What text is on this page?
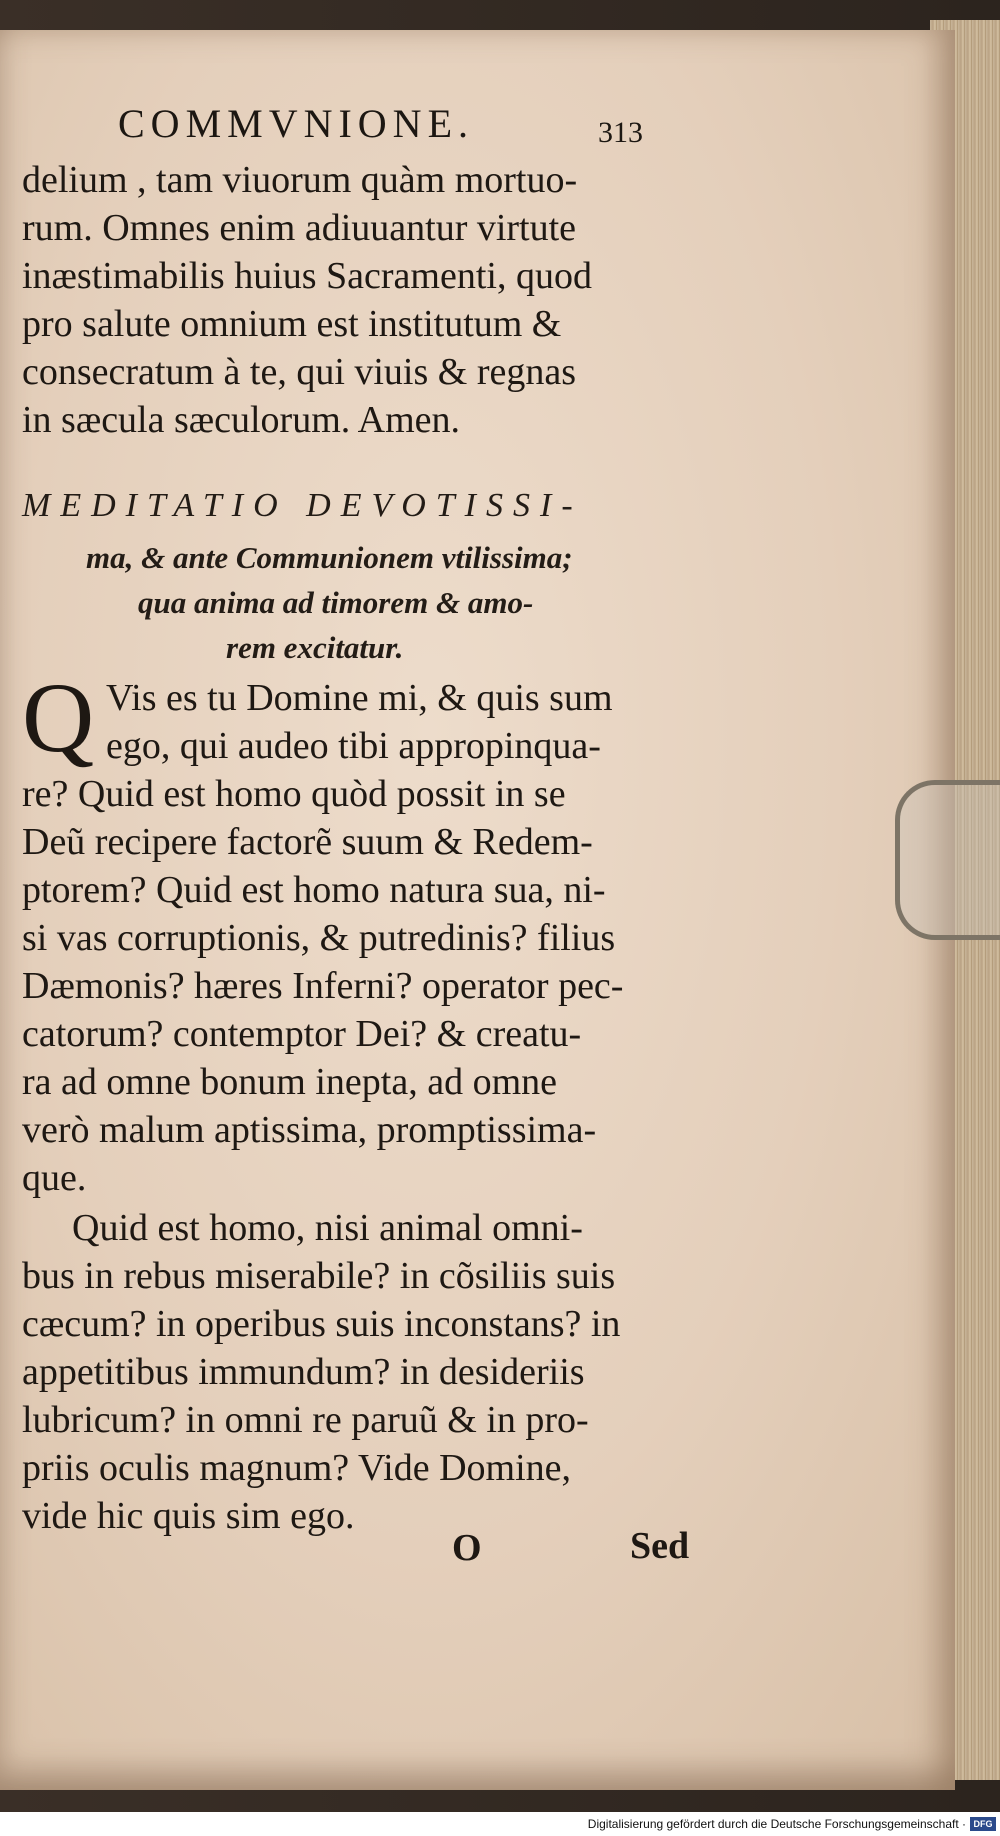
COMMVNIONE.	313
delium , tam viuorum quàm mortuo-
rum. Omnes enim adiuuantur virtute
inæstimabilis huius Sacramenti, quod
pro salute omnium est institutum &
consecratum à te, qui viuis & regnas
in sæcula sæculorum. Amen.
MEDITATIO DEVOTISSI-
ma, & ante Communionem vtilissima;
qua anima ad timorem & amo-
rem excitatur.
Q Vis es tu Domine mi, & quis sum
ego, qui audeo tibi appropinqua-
re? Quid est homo quòd possit in se
Deũ recipere factorẽ suum & Redem-
ptorem? Quid est homo natura sua, ni-
si vas corruptionis, & putredinis? filius
Dæmonis? hæres Inferni? operator pec-
catorum? contemptor Dei? & creatu-
ra ad omne bonum inepta, ad omne
verò malum aptissima, promptissima-
que.
Quid est homo, nisi animal omni-
bus in rebus miserabile? in cõsiliis suis
cæcum? in operibus suis inconstans? in
appetitibus immundum? in desideriis
lubricum? in omni re paruũ & in pro-
priis oculis magnum? Vide Domine,
vide hic quis sim ego.
O	Sed
Digitalisierung gefördert durch die Deutsche Forschungsgemeinschaft · DFG
